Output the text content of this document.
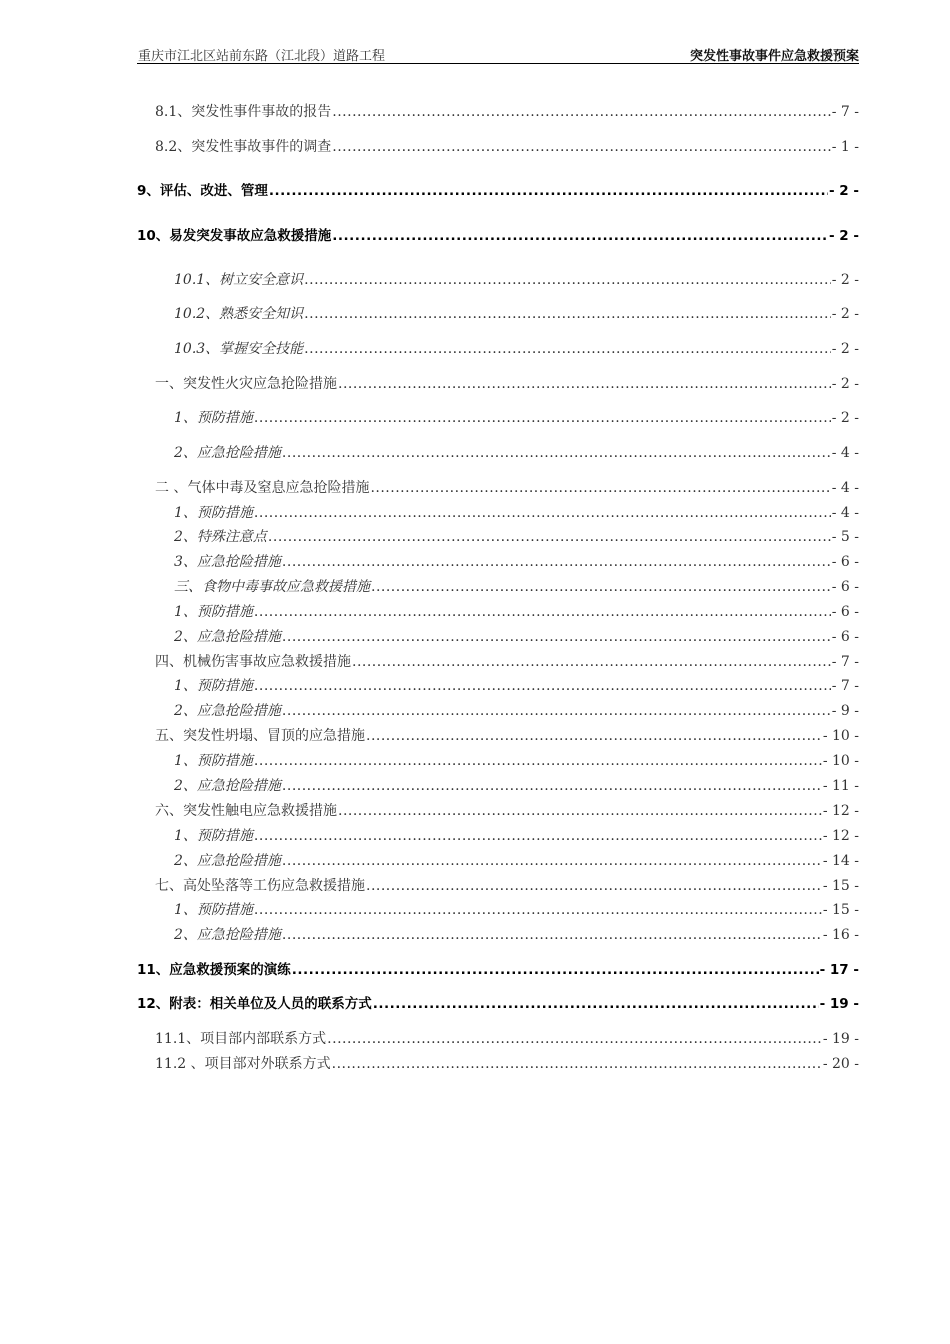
重庆市江北区站前东路（江北段）道路工程	突发性事故事件应急救援预案
8.1、突发性事件事故的报告 .....	- 7 -
8.2、突发性事故事件的调查 .....	- 1 -
9、评估、改进、管理 .....	- 2 -
10、易发突发事故应急救援措施 .....	- 2 -
10.1、树立安全意识 .....	- 2 -
10.2、熟悉安全知识 .....	- 2 -
10.3、掌握安全技能 .....	- 2 -
一、突发性火灾应急抢险措施 .....	- 2 -
1、预防措施 .....	- 2 -
2、应急抢险措施 .....	- 4 -
二 、气体中毒及窒息应急抢险措施 .....	- 4 -
1、预防措施 .....	- 4 -
2、特殊注意点 .....	- 5 -
3、应急抢险措施 .....	- 6 -
三、食物中毒事故应急救援措施 .....	- 6 -
1、预防措施 .....	- 6 -
2、应急抢险措施 .....	- 6 -
四、机械伤害事故应急救援措施 .....	- 7 -
1、预防措施 .....	- 7 -
2、应急抢险措施 .....	- 9 -
五、突发性坍塌、冒顶的应急措施 .....	- 10 -
1、预防措施 .....	- 10 -
2、应急抢险措施 .....	- 11 -
六、突发性触电应急救援措施 .....	- 12 -
1、预防措施 .....	- 12 -
2、应急抢险措施 .....	- 14 -
七、高处坠落等工伤应急救援措施 .....	- 15 -
1、预防措施 .....	- 15 -
2、应急抢险措施 .....	- 16 -
11、应急救援预案的演练 .....	- 17 -
12、附表：相关单位及人员的联系方式 .....	- 19 -
11.1、项目部内部联系方式 .....	- 19 -
11.2 、项目部对外联系方式 .....	- 20 -
